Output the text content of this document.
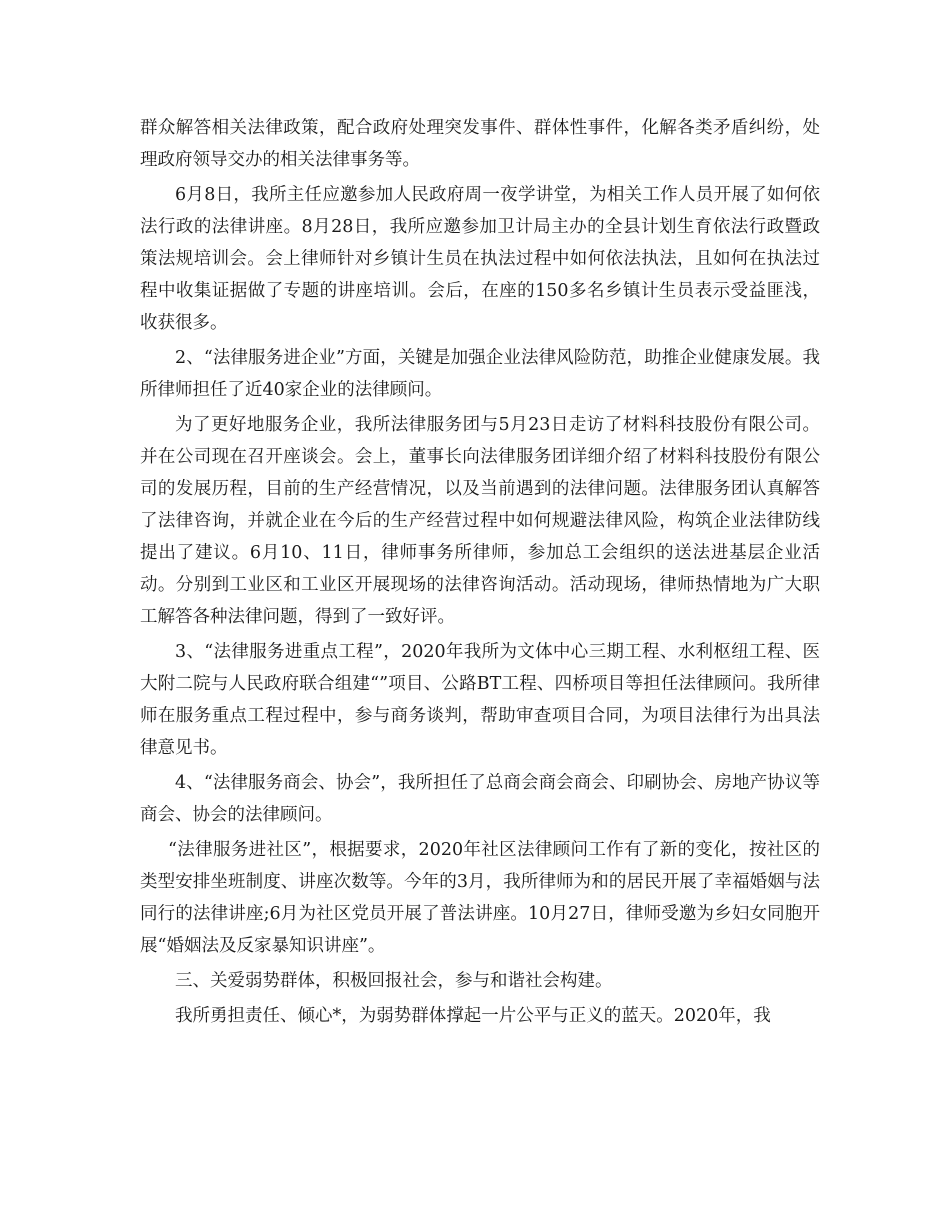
群众解答相关法律政策，配合政府处理突发事件、群体性事件，化解各类矛盾纠纷，处理政府领导交办的相关法律事务等。

6月8日，我所主任应邀参加人民政府周一夜学讲堂，为相关工作人员开展了如何依法行政的法律讲座。8月28日，我所应邀参加卫计局主办的全县计划生育依法行政暨政策法规培训会。会上律师针对乡镇计生员在执法过程中如何依法执法，且如何在执法过程中收集证据做了专题的讲座培训。会后，在座的150多名乡镇计生员表示受益匪浅，收获很多。

2、“法律服务进企业”方面，关键是加强企业法律风险防范，助推企业健康发展。我所律师担任了近40家企业的法律顾问。

为了更好地服务企业，我所法律服务团与5月23日走访了材料科技股份有限公司。并在公司现在召开座谈会。会上，董事长向法律服务团详细介绍了材料科技股份有限公司的发展历程，目前的生产经营情况，以及当前遇到的法律问题。法律服务团认真解答了法律咨询，并就企业在今后的生产经营过程中如何规避法律风险，构筑企业法律防线提出了建议。6月10、11日，律师事务所律师，参加总工会组织的送法进基层企业活动。分别到工业区和工业区开展现场的法律咨询活动。活动现场，律师热情地为广大职工解答各种法律问题，得到了一致好评。

3、“法律服务进重点工程”，2020年我所为文体中心三期工程、水利枢纽工程、医大附二院与人民政府联合组建“”项目、公路BT工程、四桥项目等担任法律顾问。我所律师在服务重点工程过程中，参与商务谈判，帮助审查项目合同，为项目法律行为出具法律意见书。

4、“法律服务商会、协会”，我所担任了总商会商会商会、印刷协会、房地产协议等商会、协会的法律顾问。

“法律服务进社区”，根据要求，2020年社区法律顾问工作有了新的变化，按社区的类型安排坐班制度、讲座次数等。今年的3月，我所律师为和的居民开展了幸福婚姻与法同行的法律讲座;6月为社区党员开展了普法讲座。10月27日，律师受邀为乡妇女同胞开展“婚姻法及反家暴知识讲座”。

三、关爱弱势群体，积极回报社会，参与和谐社会构建。

我所勇担责任、倾心*，为弱势群体撑起一片公平与正义的蓝天。2020年，我
